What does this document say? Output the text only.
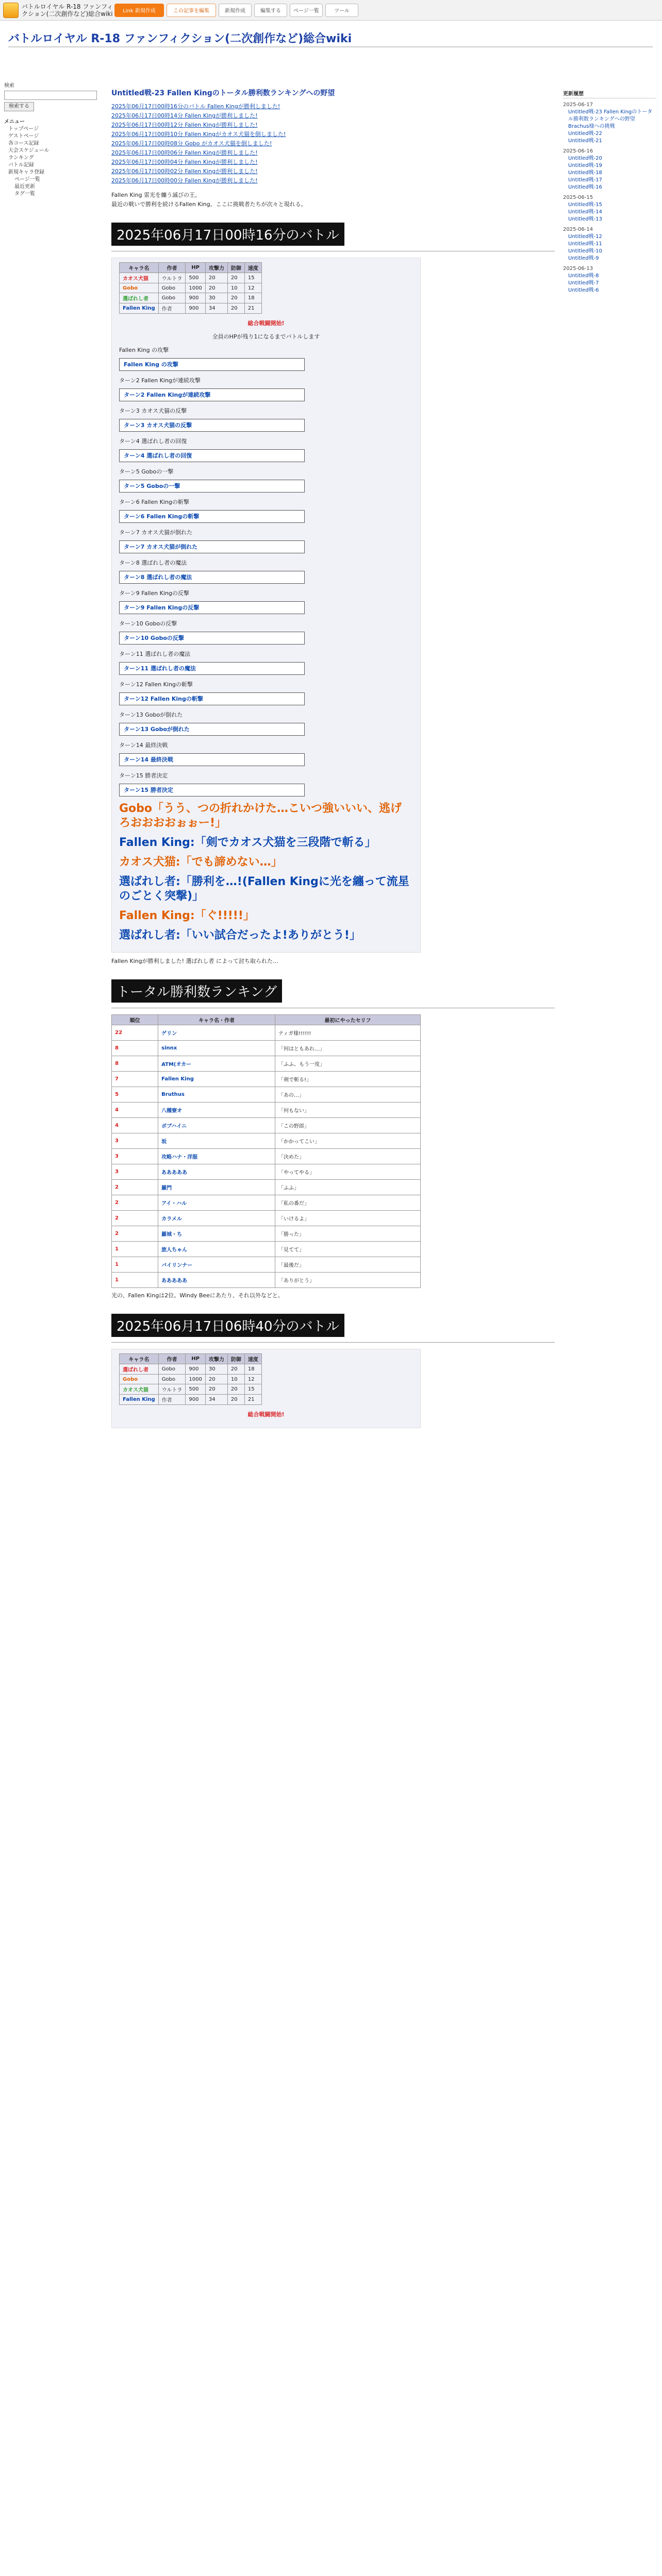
バトルロイヤル R-18 ファンフィクション(二次創作など)総合wiki	Link 新規作成	この記事を編集	新規作成	編集する	ページ一覧	ツール
バトルロイヤル R-18 ファンフィクション(二次創作など)総合wiki
検索
検索する
メニュー
トップページ
ゲストページ
各コース記録
大会スケジュール
ランキング
バトル記録
新規キャラ登録
ページ一覧
最近更新
タグ一覧
Untitled戦-23 Fallen Kingのトータル勝利数ランキングへの野望
2025年06月17日00時16分のバトル Fallen Kingが勝利しました!
2025年06月17日00時14分 Fallen Kingが勝利しました!
2025年06月17日00時12分 Fallen Kingが勝利しました!
2025年06月17日00時10分 Fallen Kingがカオス犬猫を倒しました!
2025年06月17日00時08分 Gobo がカオス犬猫を倒しました!
2025年06月17日00時06分 Fallen Kingが勝利しました!
2025年06月17日00時04分 Fallen Kingが勝利しました!
2025年06月17日00時02分 Fallen Kingが勝利しました!
2025年06月17日00時00分 Fallen Kingが勝利しました!
Fallen King 雷光を纏う滅びの王。
最近の戦いで勝利を続けるFallen King。ここに挑戦者たちが次々と現れる。
2025年06月17日00時16分のバトル
キャラ名	作者	HP	攻撃力	防御	速度
カオス犬猫	ウルトラ	500	20	20	15
Gobo	Gobo	1000	20	10	12
選ばれし者	Gobo	900	30	20	18
Fallen King	作者	900	34	20	21
総合戦闘開始!
全員のHPが残り1になるまでバトルします
Fallen King の攻撃
Fallen King の攻撃
ターン2 Fallen Kingが連続攻撃
ターン2 Fallen Kingが連続攻撃
ターン3 カオス犬猫の反撃
ターン3 カオス犬猫の反撃
ターン4 選ばれし者の回復
ターン4 選ばれし者の回復
ターン5 Goboの一撃
ターン5 Goboの一撃
ターン6 Fallen Kingの斬撃
ターン6 Fallen Kingの斬撃
ターン7 カオス犬猫が倒れた
ターン7 カオス犬猫が倒れた
ターン8 選ばれし者の魔法
ターン8 選ばれし者の魔法
ターン9 Fallen Kingの反撃
ターン9 Fallen Kingの反撃
ターン10 Goboの反撃
ターン10 Goboの反撃
ターン11 選ばれし者の魔法
ターン11 選ばれし者の魔法
ターン12 Fallen Kingの斬撃
ターン12 Fallen Kingの斬撃
ターン13 Goboが倒れた
ターン13 Goboが倒れた
ターン14 最終決戦
ターン14 最終決戦
ターン15 勝者決定
ターン15 勝者決定
Gobo「うう、つの折れかけた…こいつ強いいい、逃げろおおおおぉぉー!」
Fallen King:「剣でカオス犬猫を三段階で斬る」
カオス犬猫:「でも諦めない…」
選ばれし者:「勝利を…!(Fallen Kingに光を纏って流星のごとく突撃)」
Fallen King:「ぐ!!!!!」
選ばれし者:「いい試合だったよ!ありがとう!」
Fallen Kingが勝利しました! 選ばれし者 によって討ち取られた…
トータル勝利数ランキング
順位	キャラ名・作者	最初にやったセリフ
22	ゲリン	ティガ様!!!!!!
8	sinnx	「何はともあれ…」
8	ATM(オカー	「ふふ、もう一度」
7	Fallen King	「剣で斬る!」
5	Bruthus	「あの…」
4	八種寮オ	「何もない」
4	ボブハイニ	「この野郎」
3	坂	「かかってこい」
3	攻略ハナ・洋服	「決めた」
3	あああああ	「やってやる」
2	羅門	「ふふ」
2	アイ・ハル	「私の番だ」
2	カラメル	「いけるよ」
2	羅城・ち	「勝った」
1	旅人ちゃん	「見てて」
1	バイリンナー	「最後だ」
1	あああああ	「ありがとう」
光の、Fallen Kingは2位。Windy Beeにあたり、それ以外などと。
2025年06月17日06時40分のバトル
キャラ名	作者	HP	攻撃力	防御	速度
選ばれし者	Gobo	900	30	20	18
Gobo	Gobo	1000	20	10	12
カオス犬猫	ウルトラ	500	20	20	15
Fallen King	作者	900	34	20	21
総合戦闘開始!
更新履歴
2025-06-17
Untitled戦-23 Fallen Kingのトータル勝利数ランキングへの野望
Brachus様への挑戦
Untitled戦-22
Untitled戦-21
2025-06-16
Untitled戦-20
Untitled戦-19
Untitled戦-18
Untitled戦-17
Untitled戦-16
2025-06-15
Untitled戦-15
Untitled戦-14
Untitled戦-13
2025-06-14
Untitled戦-12
Untitled戦-11
Untitled戦-10
Untitled戦-9
2025-06-13
Untitled戦-8
Untitled戦-7
Untitled戦-6
